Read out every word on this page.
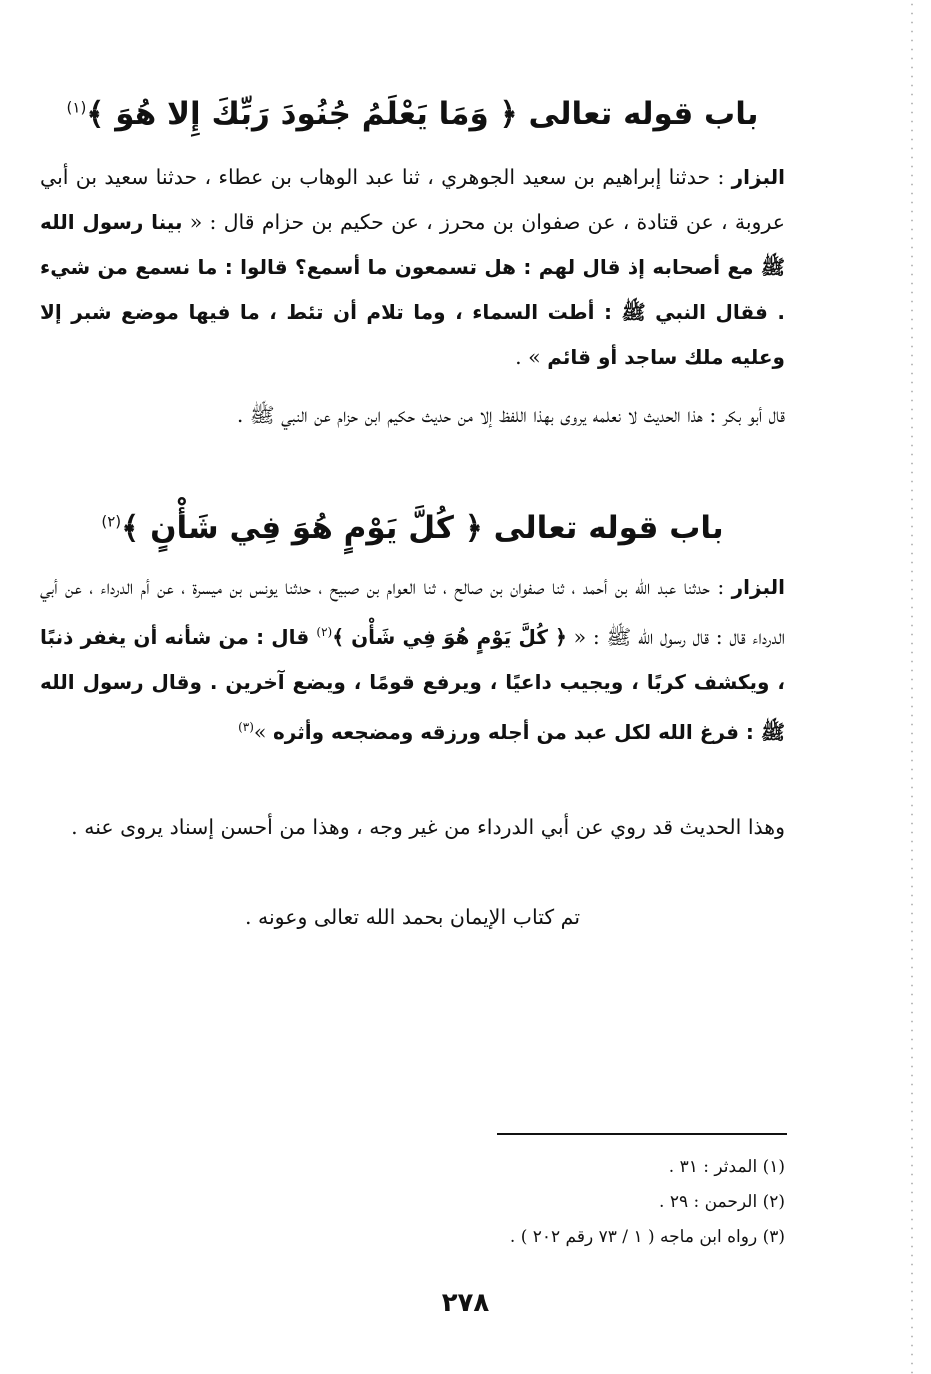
باب قوله تعالى ﴿ وَمَا يَعْلَمُ جُنُودَ رَبِّكَ إِلا هُوَ ﴾$^{(١)}$
البزار : حدثنا إبراهيم بن سعيد الجوهري ، ثنا عبد الوهاب بن عطاء ، حدثنا سعيد بن أبي عروبة ، عن قتادة ، عن صفوان بن محرز ، عن حكيم بن حزام قال : « بينا رسول الله ﷺ مع أصحابه إذ قال لهم : هل تسمعون ما أسمع؟ قالوا : ما نسمع من شيء . فقال النبي ﷺ : أطت السماء ، وما تلام أن تئط ، ما فيها موضع شبر إلا وعليه ملك ساجد أو قائم » .
قال أبو بكر : هذا الحديث لا نعلمه يروى بهذا اللفظ إلا من حديث حكيم ابن حزام عن النبي ﷺ .
باب قوله تعالى ﴿ كُلَّ يَوْمٍ هُوَ فِي شَأْنٍ ﴾$^{(٢)}$
البزار : حدثنا عبد الله بن أحمد ، ثنا صفوان بن صالح ، ثنا العوام بن صبيح ، حدثنا يونس بن ميسرة ، عن أم الدرداء ، عن أبي الدرداء قال : قال رسول الله ﷺ : « ﴿ كُلَّ يَوْمٍ هُوَ فِي شَأْن ﴾$^{(٢)}$ قال : من شأنه أن يغفر ذنبًا ، ويكشف كربًا ، ويجيب داعيًا ، ويرفع قومًا ، ويضع آخرين . وقال رسول الله ﷺ : فرغ الله لكل عبد من أجله ورزقه ومضجعه وأثره »$^{(٣)}$
وهذا الحديث قد روي عن أبي الدرداء من غير وجه ، وهذا من أحسن إسناد يروى عنه .
تم كتاب الإيمان بحمد الله تعالى وعونه .
(١) المدثر : ٣١ .
(٢) الرحمن : ٢٩ .
(٣) رواه ابن ماجه ( ١ / ٧٣ رقم ٢٠٢ ) .
٢٧٨
